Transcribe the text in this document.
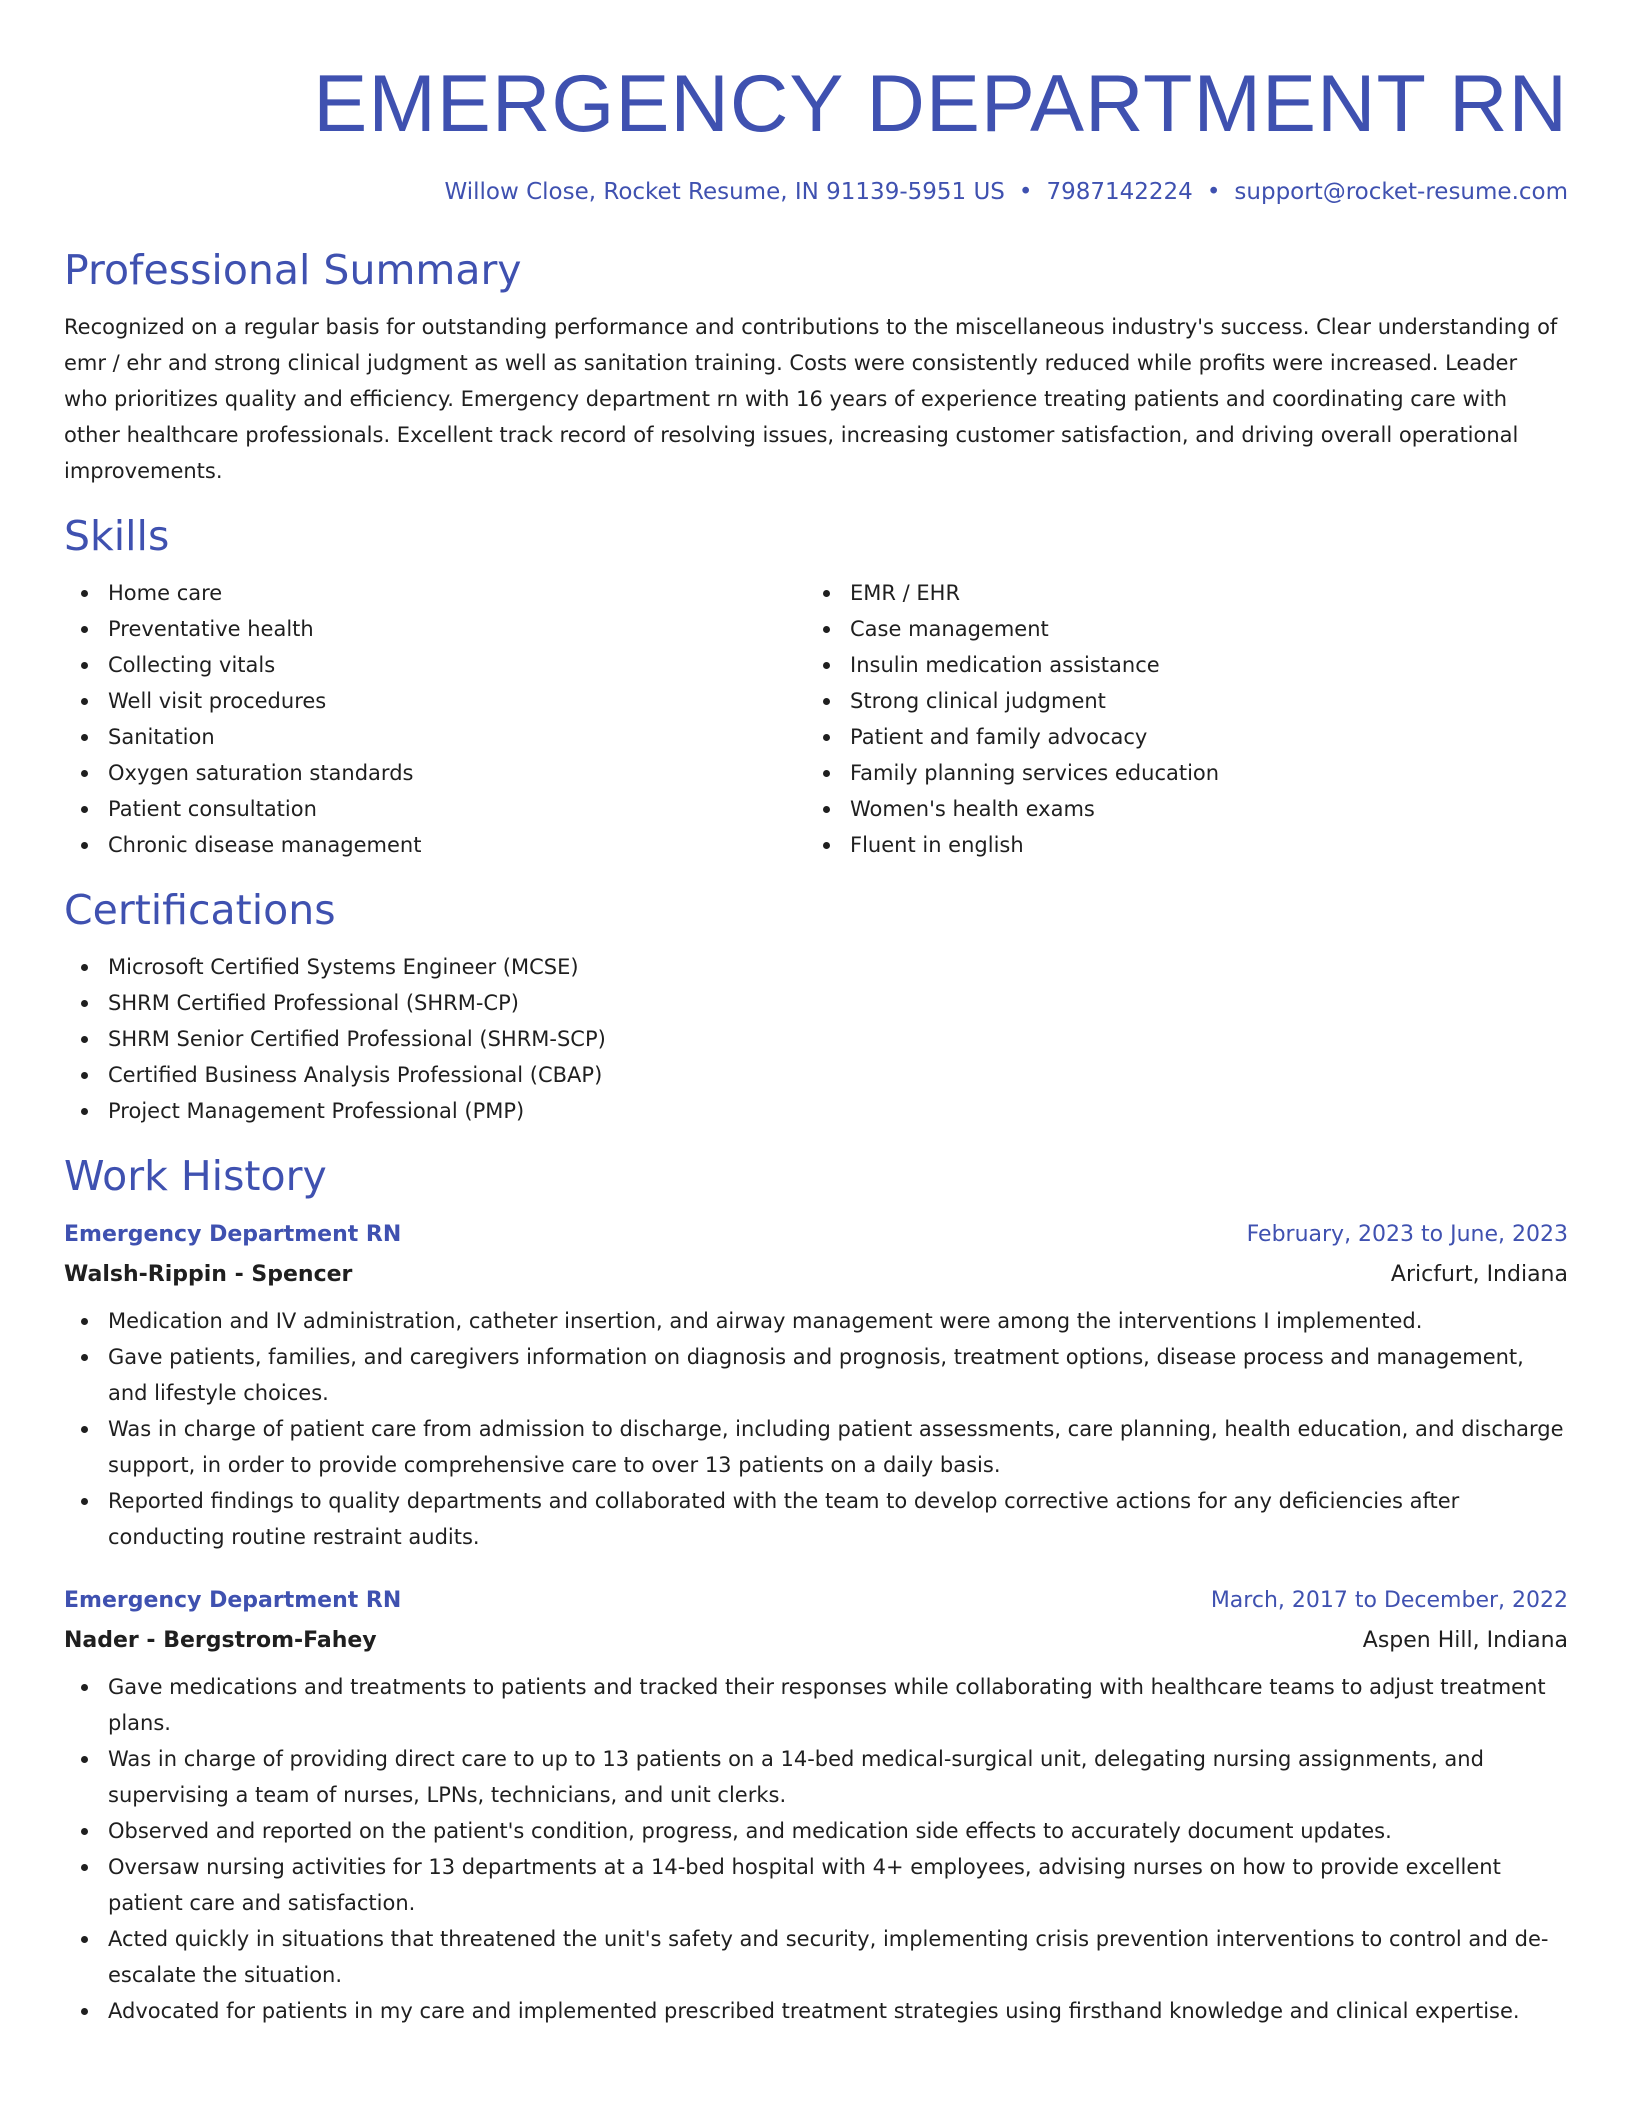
EMERGENCY DEPARTMENT RN
Willow Close, Rocket Resume, IN 91139-5951 US • 7987142224 • support@rocket-resume.com
Professional Summary

Recognized on a regular basis for outstanding performance and contributions to the miscellaneous industry's success. Clear understanding of emr / ehr and strong clinical judgment as well as sanitation training. Costs were consistently reduced while profits were increased. Leader who prioritizes quality and efficiency. Emergency department rn with 16 years of experience treating patients and coordinating care with other healthcare professionals. Excellent track record of resolving issues, increasing customer satisfaction, and driving overall operational improvements.

Skills
Home care
Preventative health
Collecting vitals
Well visit procedures
Sanitation
Oxygen saturation standards
Patient consultation
Chronic disease management
EMR / EHR
Case management
Insulin medication assistance
Strong clinical judgment
Patient and family advocacy
Family planning services education
Women's health exams
Fluent in english
Certifications
Microsoft Certified Systems Engineer (MCSE)
SHRM Certified Professional (SHRM-CP)
SHRM Senior Certified Professional (SHRM-SCP)
Certified Business Analysis Professional (CBAP)
Project Management Professional (PMP)
Work History
Emergency Department RN	February, 2023 to June, 2023
Walsh-Rippin - Spencer	Aricfurt, Indiana
Medication and IV administration, catheter insertion, and airway management were among the interventions I implemented.
Gave patients, families, and caregivers information on diagnosis and prognosis, treatment options, disease process and management, and lifestyle choices.
Was in charge of patient care from admission to discharge, including patient assessments, care planning, health education, and discharge support, in order to provide comprehensive care to over 13 patients on a daily basis.
Reported findings to quality departments and collaborated with the team to develop corrective actions for any deficiencies after conducting routine restraint audits.
Emergency Department RN	March, 2017 to December, 2022
Nader - Bergstrom-Fahey	Aspen Hill, Indiana
Gave medications and treatments to patients and tracked their responses while collaborating with healthcare teams to adjust treatment plans.
Was in charge of providing direct care to up to 13 patients on a 14-bed medical-surgical unit, delegating nursing assignments, and supervising a team of nurses, LPNs, technicians, and unit clerks.
Observed and reported on the patient's condition, progress, and medication side effects to accurately document updates.
Oversaw nursing activities for 13 departments at a 14-bed hospital with 4+ employees, advising nurses on how to provide excellent patient care and satisfaction.
Acted quickly in situations that threatened the unit's safety and security, implementing crisis prevention interventions to control and de-escalate the situation.
Advocated for patients in my care and implemented prescribed treatment strategies using firsthand knowledge and clinical expertise.
